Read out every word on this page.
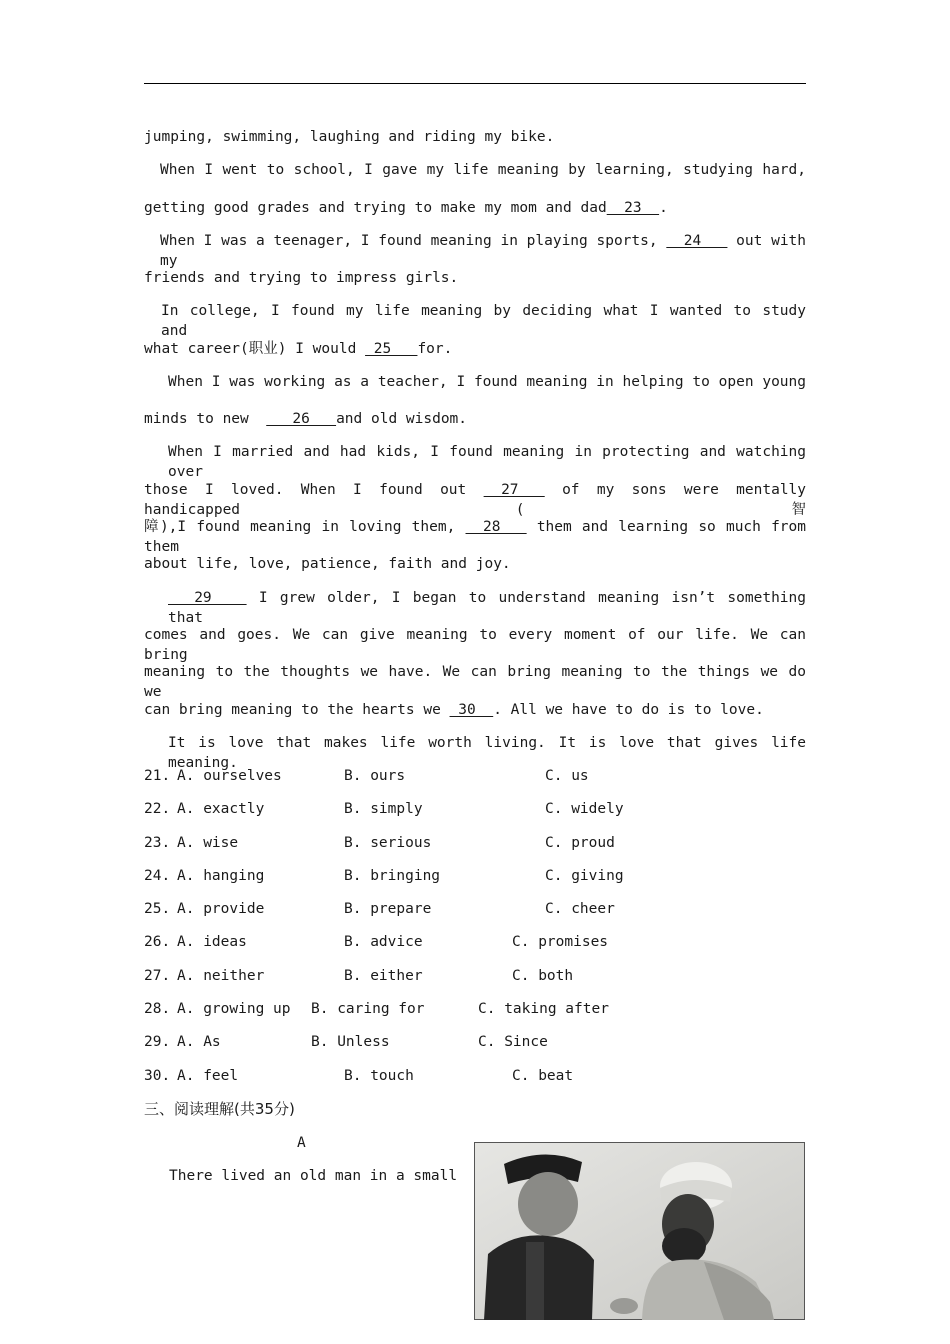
jumping, swimming, laughing and riding my bike.
When I went to school, I gave my life meaning by learning, studying hard,
getting good grades and trying to make my mom and dad  23  .
When I was a teenager, I found meaning in playing sports,   24    out with my
friends and trying to impress girls.
In college, I found my life meaning by deciding what I wanted to study and
what career(职业) I would  25   for.
When I was working as a teacher, I found meaning in helping to open young
minds to new     26   and old wisdom.
When I married and had kids, I found meaning in protecting and watching over
those I loved. When I found out   27    of my sons were mentally handicapped (智
障),I found meaning in loving them,   28    them and learning so much from them
about life, love, patience, faith and joy.
29     I grew older, I began to understand meaning isn’t something that
comes and goes. We can give meaning to every moment of our life. We can bring
meaning to the thoughts we have. We can bring meaning to the things we do we
can bring meaning to the hearts we  30  . All we have to do is to love.
It is love that makes life worth living. It is love that gives life meaning.
21. A. ourselves	B. ours	C. us
22. A. exactly	B. simply	C. widely
23. A. wise	B. serious	C. proud
24. A. hanging	B. bringing	C. giving
25. A. provide	B. prepare	C. cheer
26. A. ideas	B. advice	C. promises
27. A. neither	B. either	C. both
28. A. growing up B. caring for	C. taking after
29. A. As	B. Unless	C. Since
30. A. feel	B. touch	C. beat
三、阅读理解(共35分)
A
There lived an old man in a small
